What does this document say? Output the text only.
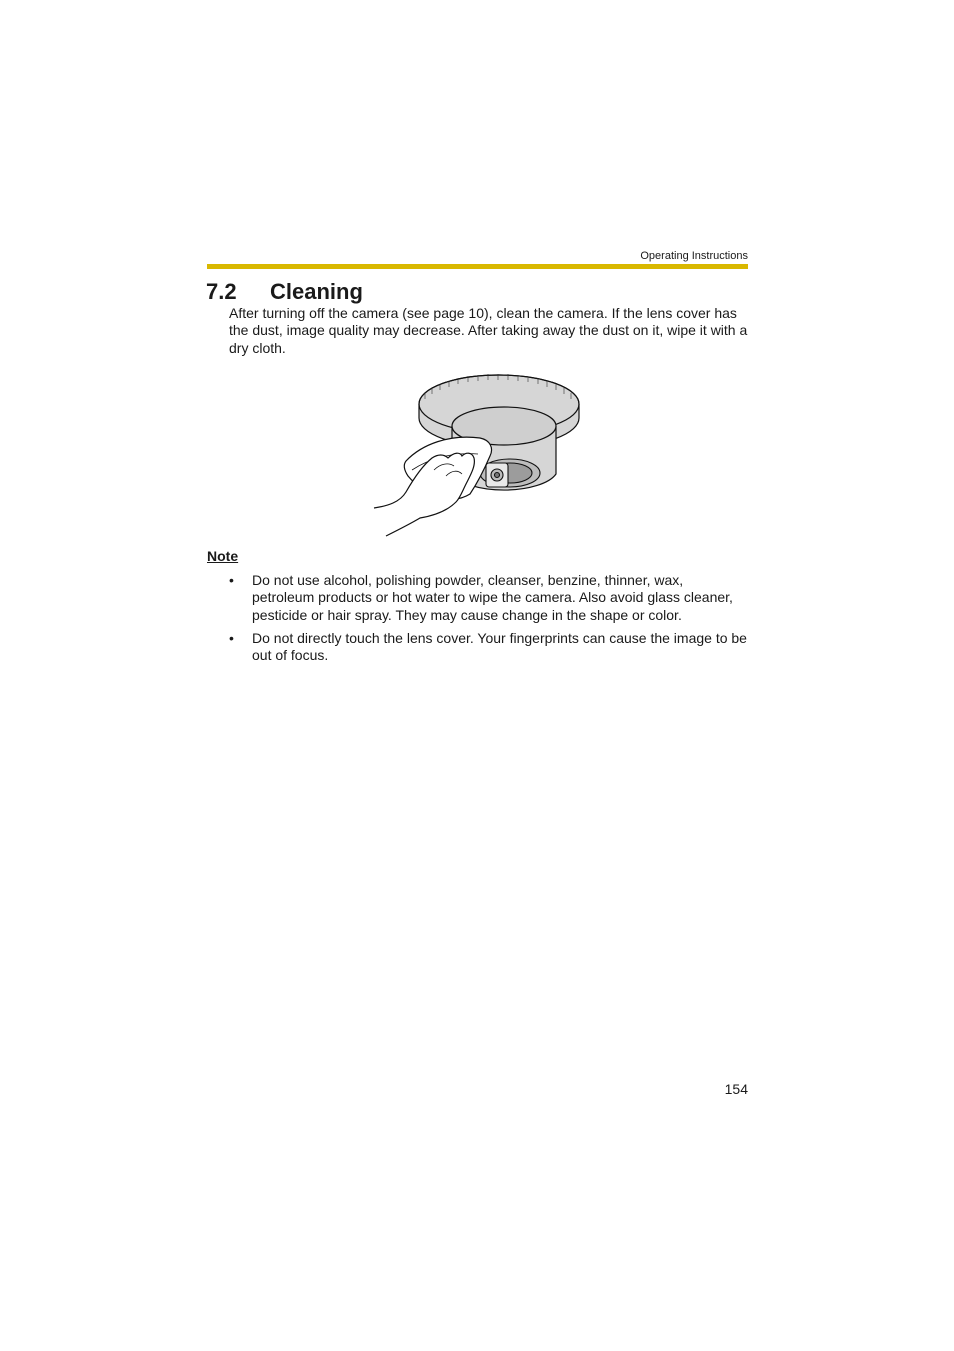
Operating Instructions
7.2 Cleaning

After turning off the camera (see page 10), clean the camera. If the lens cover has the dust, image quality may decrease. After taking away the dust on it, wipe it with a dry cloth.

Note
• Do not use alcohol, polishing powder, cleanser, benzine, thinner, wax, petroleum products or hot water to wipe the camera. Also avoid glass cleaner, pesticide or hair spray. They may cause change in the shape or color.
• Do not directly touch the lens cover. Your fingerprints can cause the image to be out of focus.
154
